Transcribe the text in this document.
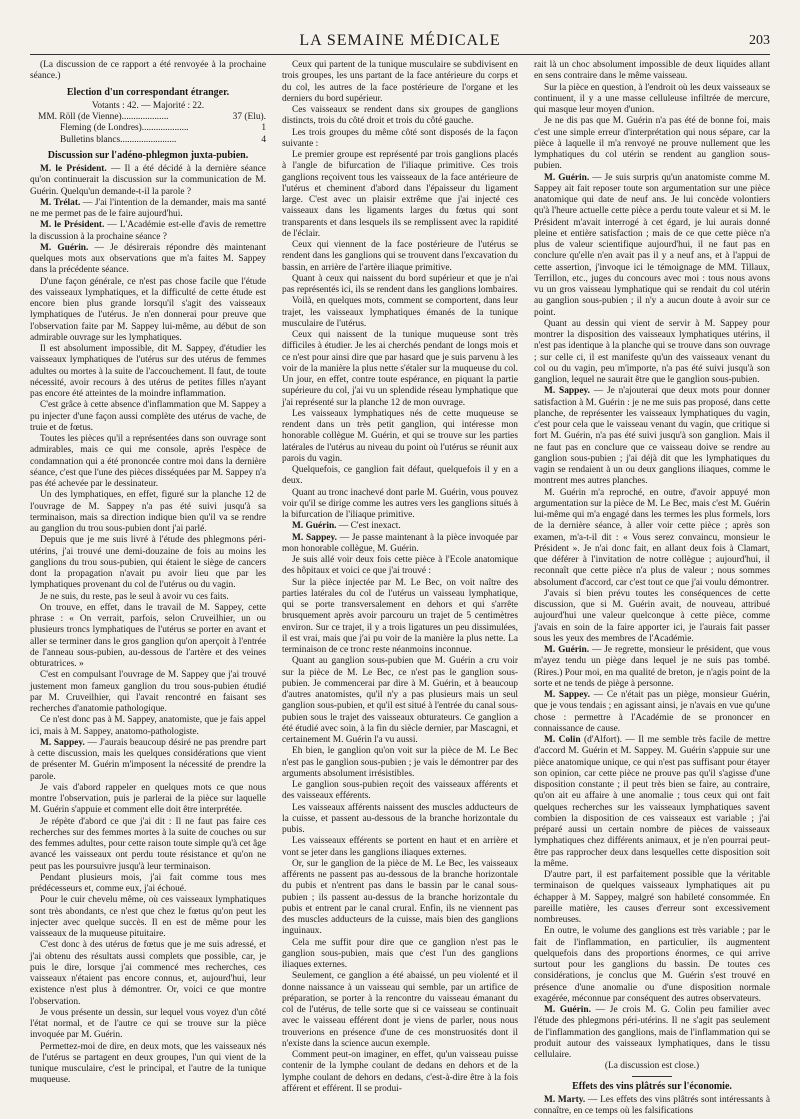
LA SEMAINE MÉDICALE	203

(La discussion de ce rapport a été renvoyée à la prochaine séance.)

Election d'un correspondant étranger.

Votants : 42. — Majorité : 22.

MM. Röll (de Vienne)....................	37 (Elu).
Fleming (de Londres)....................	1
Bulletins blancs........................	4
Discussion sur l'adéno-phlegmon juxta-pubien.

M. le Président. — Il a été décidé à la dernière séance qu'on continuerait la discussion sur la communication de M. Guérin. Quelqu'un demande-t-il la parole ?

M. Trélat. — J'ai l'intention de la demander, mais ma santé ne me permet pas de le faire aujourd'hui.

M. le Président. — L'Académie est-elle d'avis de remettre la discussion à la prochaine séance ?

M. Guérin. — Je désirerais répondre dès maintenant quelques mots aux observations que m'a faites M. Sappey dans la précédente séance.

D'une façon générale, ce n'est pas chose facile que l'étude des vaisseaux lymphatiques, et la difficulté de cette étude est encore bien plus grande lorsqu'il s'agit des vaisseaux lymphatiques de l'utérus. Je n'en donnerai pour preuve que l'observation faite par M. Sappey lui-même, au début de son admirable ouvrage sur les lymphatiques.

Il est absolument impossible, dit M. Sappey, d'étudier les vaisseaux lymphatiques de l'utérus sur des utérus de femmes adultes ou mortes à la suite de l'accouchement. Il faut, de toute nécessité, avoir recours à des utérus de petites filles n'ayant pas encore été atteintes de la moindre inflammation.

C'est grâce à cette absence d'inflammation que M. Sappey a pu injecter d'une façon aussi complète des utérus de vache, de truie et de fœtus.

Toutes les pièces qu'il a représentées dans son ouvrage sont admirables, mais ce qui me console, après l'espèce de condamnation qui a été prononcée contre moi dans la dernière séance, c'est que l'une des pièces disséquées par M. Sappey n'a pas été achevée par le dessinateur.

Un des lymphatiques, en effet, figuré sur la planche 12 de l'ouvrage de M. Sappey n'a pas été suivi jusqu'à sa terminaison, mais sa direction indique bien qu'il va se rendre au ganglion du trou sous-pubien dont j'ai parlé.

Depuis que je me suis livré à l'étude des phlegmons péri-utérins, j'ai trouvé une demi-douzaine de fois au moins les ganglions du trou sous-pubien, qui étaient le siège de cancers dont la propagation n'avait pu avoir lieu que par les lymphatiques provenant du col de l'utérus ou du vagin.

Je ne suis, du reste, pas le seul à avoir vu ces faits.

On trouve, en effet, dans le travail de M. Sappey, cette phrase : « On verrait, parfois, selon Cruveilhier, un ou plusieurs troncs lymphatiques de l'utérus se porter en avant et aller se terminer dans le gros ganglion qu'on aperçoit à l'entrée de l'anneau sous-pubien, au-dessous de l'artère et des veines obturatrices. »

C'est en compulsant l'ouvrage de M. Sappey que j'ai trouvé justement mon fameux ganglion du trou sous-pubien étudié par M. Cruveilhier, qui l'avait rencontré en faisant ses recherches d'anatomie pathologique.

Ce n'est donc pas à M. Sappey, anatomiste, que je fais appel ici, mais à M. Sappey, anatomo-pathologiste.

M. Sappey. — J'aurais beaucoup désiré ne pas prendre part à cette discussion, mais les quelques considérations que vient de présenter M. Guérin m'imposent la nécessité de prendre la parole.

Je vais d'abord rappeler en quelques mots ce que nous montre l'observation, puis je parlerai de la pièce sur laquelle M. Guérin s'appuie et comment elle doit être interprétée.

Je répète d'abord ce que j'ai dit : Il ne faut pas faire ces recherches sur des femmes mortes à la suite de couches ou sur des femmes adultes, pour cette raison toute simple qu'à cet âge avancé les vaisseaux ont perdu toute résistance et qu'on ne peut pas les poursuivre jusqu'à leur terminaison.

Pendant plusieurs mois, j'ai fait comme tous mes prédécesseurs et, comme eux, j'ai échoué.

Pour le cuir chevelu même, où ces vaisseaux lymphatiques sont très abondants, ce n'est que chez le fœtus qu'on peut les injecter avec quelque succès. Il en est de même pour les vaisseaux de la muqueuse pituitaire.

C'est donc à des utérus de fœtus que je me suis adressé, et j'ai obtenu des résultats aussi complets que possible, car, je puis le dire, lorsque j'ai commencé mes recherches, ces vaisseaux n'étaient pas encore connus, et, aujourd'hui, leur existence n'est plus à démontrer. Or, voici ce que montre l'observation.

Je vous présente un dessin, sur lequel vous voyez d'un côté l'état normal, et de l'autre ce qui se trouve sur la pièce invoquée par M. Guérin.

Permettez-moi de dire, en deux mots, que les vaisseaux nés de l'utérus se partagent en deux groupes, l'un qui vient de la tunique musculaire, c'est le principal, et l'autre de la tunique muqueuse.

Ceux qui partent de la tunique musculaire se subdivisent en trois groupes, les uns partant de la face antérieure du corps et du col, les autres de la face postérieure de l'organe et les derniers du bord supérieur.

Ces vaisseaux se rendent dans six groupes de ganglions distincts, trois du côté droit et trois du côté gauche.

Les trois groupes du même côté sont disposés de la façon suivante :

Le premier groupe est représenté par trois ganglions placés à l'angle de bifurcation de l'iliaque primitive. Ces trois ganglions reçoivent tous les vaisseaux de la face antérieure de l'utérus et cheminent d'abord dans l'épaisseur du ligament large. C'est avec un plaisir extrême que j'ai injecté ces vaisseaux dans les ligaments larges du fœtus qui sont transparents et dans lesquels ils se remplissent avec la rapidité de l'éclair.

Ceux qui viennent de la face postérieure de l'utérus se rendent dans les ganglions qui se trouvent dans l'excavation du bassin, en arrière de l'artère iliaque primitive.

Quant à ceux qui naissent du bord supérieur et que je n'ai pas représentés ici, ils se rendent dans les ganglions lombaires.

Voilà, en quelques mots, comment se comportent, dans leur trajet, les vaisseaux lymphatiques émanés de la tunique musculaire de l'utérus.

Ceux qui naissent de la tunique muqueuse sont très difficiles à étudier. Je les ai cherchés pendant de longs mois et ce n'est pour ainsi dire que par hasard que je suis parvenu à les voir de la manière la plus nette s'étaler sur la muqueuse du col. Un jour, en effet, contre toute espérance, en piquant la partie supérieure du col, j'ai vu un splendide réseau lymphatique que j'ai représenté sur la planche 12 de mon ouvrage.

Les vaisseaux lymphatiques nés de cette muqueuse se rendent dans un très petit ganglion, qui intéresse mon honorable collègue M. Guérin, et qui se trouve sur les parties latérales de l'utérus au niveau du point où l'utérus se réunit aux parois du vagin.

Quelquefois, ce ganglion fait défaut, quelquefois il y en a deux.

Quant au tronc inachevé dont parle M. Guérin, vous pouvez voir qu'il se dirige comme les autres vers les ganglions situés à la bifurcation de l'iliaque primitive.

M. Guérin. — C'est inexact.

M. Sappey. — Je passe maintenant à la pièce invoquée par mon honorable collègue, M. Guérin.

Je suis allé voir deux fois cette pièce à l'Ecole anatomique des hôpitaux et voici ce que j'ai trouvé :

Sur la pièce injectée par M. Le Bec, on voit naître des parties latérales du col de l'utérus un vaisseau lymphatique, qui se porte transversalement en dehors et qui s'arrête brusquement après avoir parcouru un trajet de 5 centimètres environ. Sur ce trajet, il y a trois ligatures un peu dissimulées, il est vrai, mais que j'ai pu voir de la manière la plus nette. La terminaison de ce tronc reste néanmoins inconnue.

Quant au ganglion sous-pubien que M. Guérin a cru voir sur la pièce de M. Le Bec, ce n'est pas le ganglion sous-pubien. Je commencerai par dire à M. Guérin, et à beaucoup d'autres anatomistes, qu'il n'y a pas plusieurs mais un seul ganglion sous-pubien, et qu'il est situé à l'entrée du canal sous-pubien sous le trajet des vaisseaux obturateurs. Ce ganglion a été étudié avec soin, à la fin du siècle dernier, par Mascagni, et certainement M. Guérin l'a vu aussi.

Eh bien, le ganglion qu'on voit sur la pièce de M. Le Bec n'est pas le ganglion sous-pubien ; je vais le démontrer par des arguments absolument irrésistibles.

Le ganglion sous-pubien reçoit des vaisseaux afférents et des vaisseaux efférents.

Les vaisseaux afférents naissent des muscles adducteurs de la cuisse, et passent au-dessous de la branche horizontale du pubis.

Les vaisseaux efférents se portent en haut et en arrière et vont se jeter dans les ganglions iliaques externes.

Or, sur le ganglion de la pièce de M. Le Bec, les vaisseaux afférents ne passent pas au-dessous de la branche horizontale du pubis et n'entrent pas dans le bassin par le canal sous-pubien ; ils passent au-dessus de la branche horizontale du pubis et entrent par le canal crural. Enfin, ils ne viennent pas des muscles adducteurs de la cuisse, mais bien des ganglions inguinaux.

Cela me suffit pour dire que ce ganglion n'est pas le ganglion sous-pubien, mais que c'est l'un des ganglions iliaques externes.

Seulement, ce ganglion a été abaissé, un peu violenté et il donne naissance à un vaisseau qui semble, par un artifice de préparation, se porter à la rencontre du vaisseau émanant du col de l'utérus, de telle sorte que si ce vaisseau se continuait avec le vaisseau efférent dont je viens de parler, nous nous trouverions en présence d'une de ces monstruosités dont il n'existe dans la science aucun exemple.

Comment peut-on imaginer, en effet, qu'un vaisseau puisse contenir de la lymphe coulant de dedans en dehors et de la lymphe coulant de dehors en dedans, c'est-à-dire être à la fois afférent et efférent. Il se produi-

rait là un choc absolument impossible de deux liquides allant en sens contraire dans le même vaisseau.

Sur la pièce en question, à l'endroit où les deux vaisseaux se continuent, il y a une masse celluleuse infiltrée de mercure, qui masque leur moyen d'union.

Je ne dis pas que M. Guérin n'a pas été de bonne foi, mais c'est une simple erreur d'interprétation qui nous sépare, car la pièce à laquelle il m'a renvoyé ne prouve nullement que les lymphatiques du col utérin se rendent au ganglion sous-pubien.

M. Guérin. — Je suis surpris qu'un anatomiste comme M. Sappey ait fait reposer toute son argumentation sur une pièce anatomique qui date de neuf ans. Je lui concède volontiers qu'à l'heure actuelle cette pièce a perdu toute valeur et si M. le Président m'avait interrogé à cet égard, je lui aurais donné pleine et entière satisfaction ; mais de ce que cette pièce n'a plus de valeur scientifique aujourd'hui, il ne faut pas en conclure qu'elle n'en avait pas il y a neuf ans, et à l'appui de cette assertion, j'invoque ici le témoignage de MM. Tillaux, Terrillon, etc., juges du concours avec moi : tous nous avons vu un gros vaisseau lymphatique qui se rendait du col utérin au ganglion sous-pubien ; il n'y a aucun doute à avoir sur ce point.

Quant au dessin qui vient de servir à M. Sappey pour montrer la disposition des vaisseaux lymphatiques utérins, il n'est pas identique à la planche qui se trouve dans son ouvrage ; sur celle ci, il est manifeste qu'un des vaisseaux venant du col ou du vagin, peu m'importe, n'a pas été suivi jusqu'à son ganglion, lequel ne saurait être que le ganglion sous-pubien.

M. Sappey. — Je n'ajouterai que deux mots pour donner satisfaction à M. Guérin : je ne me suis pas proposé, dans cette planche, de représenter les vaisseaux lymphatiques du vagin, c'est pour cela que le vaisseau venant du vagin, que critique si fort M. Guérin, n'a pas été suivi jusqu'à son ganglion. Mais il ne faut pas en conclure que ce vaisseau doive se rendre au ganglion sous-pubien ; j'ai déjà dit que les lymphatiques du vagin se rendaient à un ou deux ganglions iliaques, comme le montrent mes autres planches.

M. Guérin m'a reproché, en outre, d'avoir appuyé mon argumentation sur la pièce de M. Le Bec, mais c'est M. Guérin lui-même qui m'a engagé dans les termes les plus formels, lors de la dernière séance, à aller voir cette pièce ; après son examen, m'a-t-il dit : « Vous serez convaincu, monsieur le Président ». Je n'ai donc fait, en allant deux fois à Clamart, que déférer à l'invitation de notre collègue ; aujourd'hui, il reconnaît que cette pièce n'a plus de valeur ; nous sommes absolument d'accord, car c'est tout ce que j'ai voulu démontrer.

J'avais si bien prévu toutes les conséquences de cette discussion, que si M. Guérin avait, de nouveau, attribué aujourd'hui une valeur quelconque à cette pièce, comme j'avais en soin de la faire apporter ici, je l'aurais fait passer sous les yeux des membres de l'Académie.

M. Guérin. — Je regrette, monsieur le président, que vous m'ayez tendu un piège dans lequel je ne suis pas tombé. (Rires.) Pour moi, en ma qualité de breton, je n'agis point de la sorte et ne tends de piège à personne.

M. Sappey. — Ce n'était pas un piège, monsieur Guérin, que je vous tendais ; en agissant ainsi, je n'avais en vue qu'une chose : permettre à l'Académie de se prononcer en connaissance de cause.

M. Colin (d'Alfort). — Il me semble très facile de mettre d'accord M. Guérin et M. Sappey. M. Guérin s'appuie sur une pièce anatomique unique, ce qui n'est pas suffisant pour étayer son opinion, car cette pièce ne prouve pas qu'il s'agisse d'une disposition constante ; il peut très bien se faire, au contraire, qu'on ait eu affaire à une anomalie ; tous ceux qui ont fait quelques recherches sur les vaisseaux lymphatiques savent combien la disposition de ces vaisseaux est variable ; j'ai préparé aussi un certain nombre de pièces de vaisseaux lymphatiques chez différents animaux, et je n'en pourrai peut-être pas rapprocher deux dans lesquelles cette disposition soit la même.

D'autre part, il est parfaitement possible que la véritable terminaison de quelques vaisseaux lymphatiques ait pu échapper à M. Sappey, malgré son habileté consommée. En pareille matière, les causes d'erreur sont excessivement nombreuses.

En outre, le volume des ganglions est très variable ; par le fait de l'inflammation, en particulier, ils augmentent quelquefois dans des proportions énormes, ce qui arrive surtout pour les ganglions du bassin. De toutes ces considérations, je conclus que M. Guérin s'est trouvé en présence d'une anomalie ou d'une disposition normale exagérée, méconnue par conséquent des autres observateurs.

M. Guérin. — Je crois M. G. Colin peu familier avec l'étude des phlegmons péri-utérins. Il ne s'agit pas seulement de l'inflammation des ganglions, mais de l'inflammation qui se produit autour des vaisseaux lymphatiques, dans le tissu cellulaire.

(La discussion est close.)

Effets des vins plâtrés sur l'économie.

M. Marty. — Les effets des vins plâtrés sont intéressants à connaître, en ce temps où les falsifications
